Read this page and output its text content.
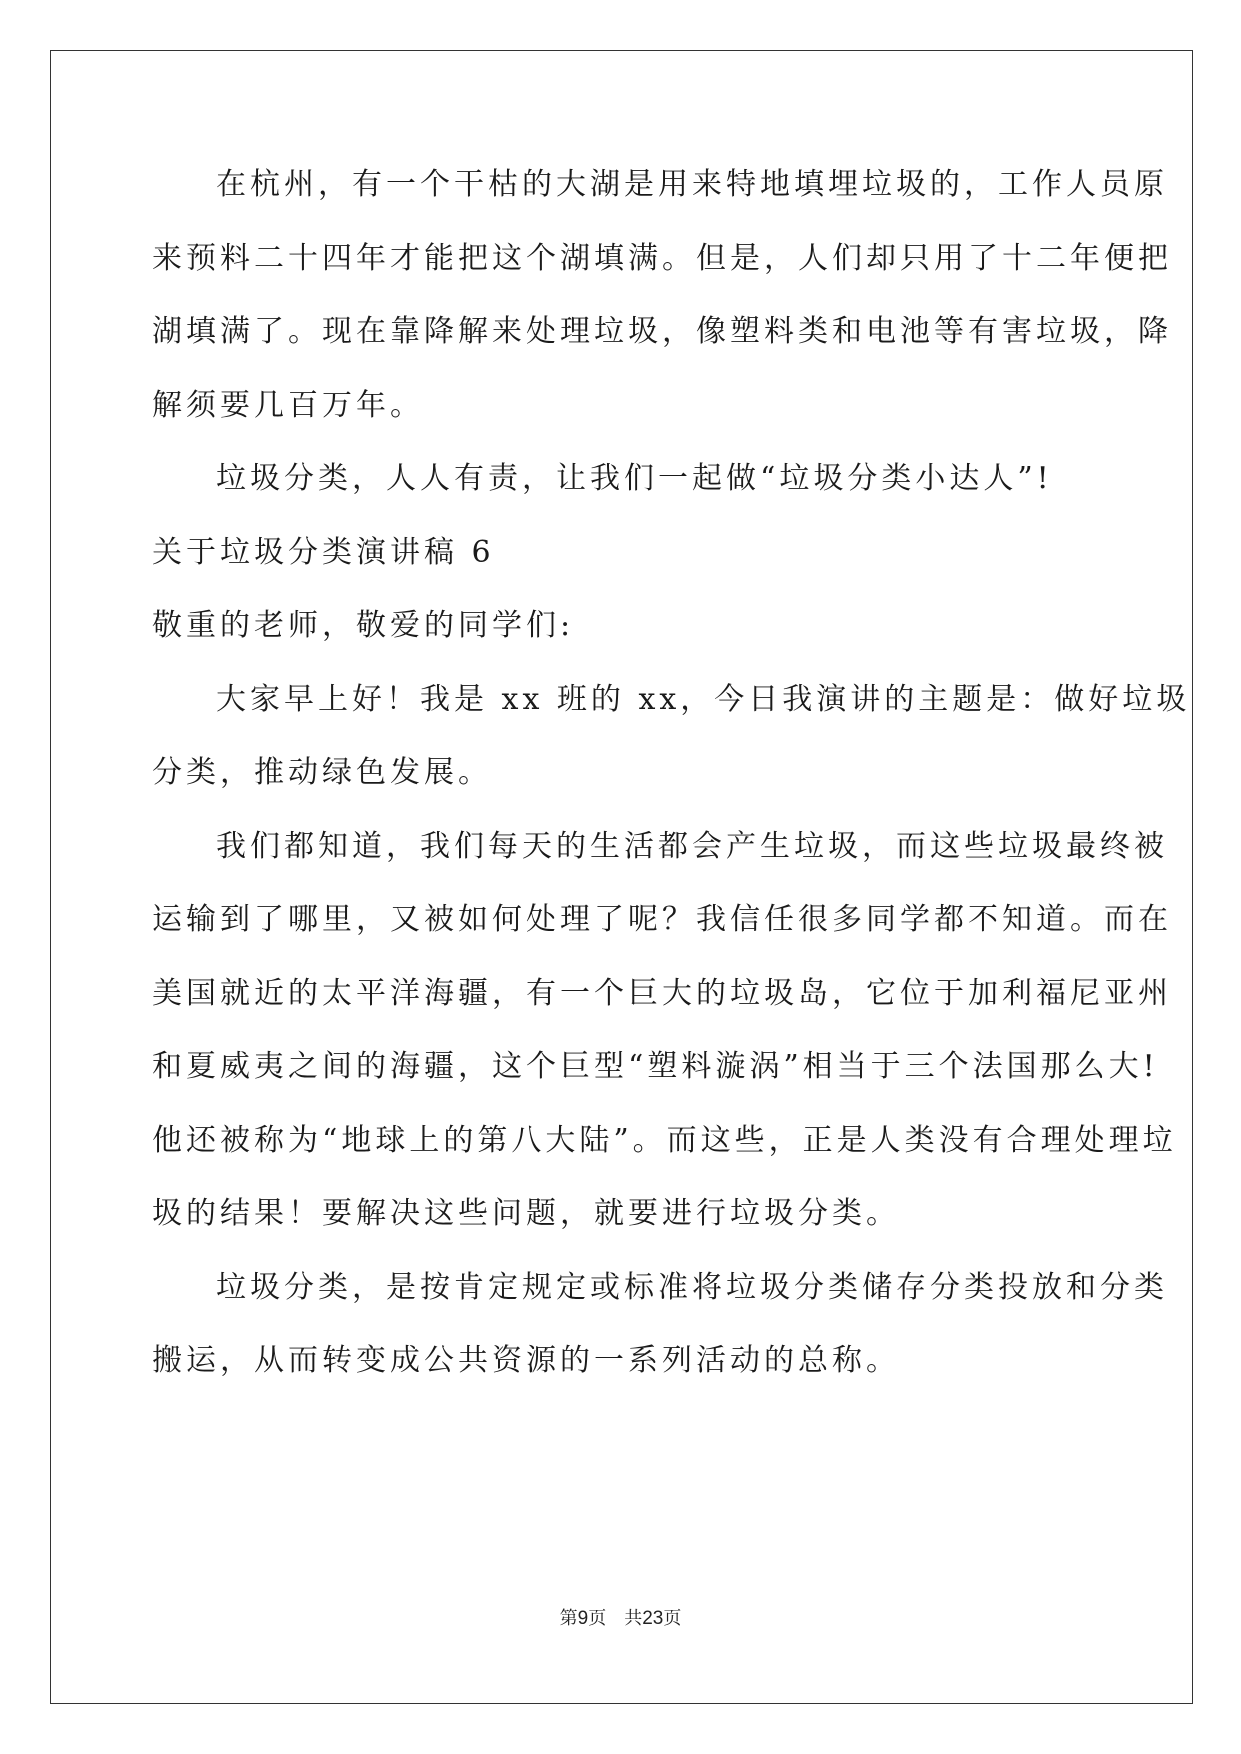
在杭州，有一个干枯的大湖是用来特地填埋垃圾的，工作人员原
来预料二十四年才能把这个湖填满。但是，人们却只用了十二年便把
湖填满了。现在靠降解来处理垃圾，像塑料类和电池等有害垃圾，降
解须要几百万年。
垃圾分类，人人有责，让我们一起做“垃圾分类小达人”!
关于垃圾分类演讲稿 6
敬重的老师，敬爱的同学们:
大家早上好！我是 xx 班的 xx，今日我演讲的主题是：做好垃圾
分类，推动绿色发展。
我们都知道，我们每天的生活都会产生垃圾，而这些垃圾最终被
运输到了哪里，又被如何处理了呢？我信任很多同学都不知道。而在
美国就近的太平洋海疆，有一个巨大的垃圾岛，它位于加利福尼亚州
和夏威夷之间的海疆，这个巨型“塑料漩涡”相当于三个法国那么大!
他还被称为“地球上的第八大陆”。而这些，正是人类没有合理处理垃
圾的结果！要解决这些问题，就要进行垃圾分类。
垃圾分类，是按肯定规定或标准将垃圾分类储存分类投放和分类
搬运，从而转变成公共资源的一系列活动的总称。
第9页　共23页
